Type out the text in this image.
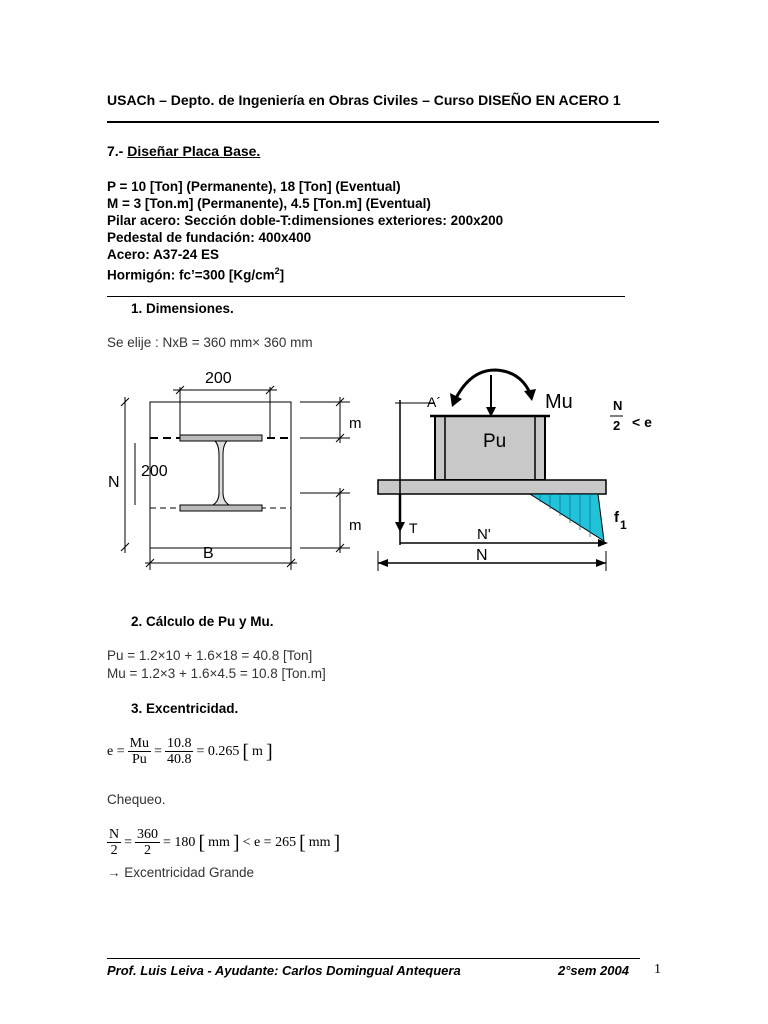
USACh – Depto. de Ingeniería en Obras Civiles – Curso DISEÑO EN ACERO 1
7.- Diseñar Placa Base.
P = 10 [Ton] (Permanente), 18 [Ton] (Eventual)
M = 3 [Ton.m] (Permanente), 4.5 [Ton.m] (Eventual)
Pilar acero: Sección doble-T:dimensiones exteriores: 200x200
Pedestal de fundación: 400x400
Acero: A37-24 ES
Hormigón: fc’=300 $[Kg/cm^2]$
1. Dimensiones.
Se elije : NxB = 360 mm× 360 mm
200
200
N
B
m
m
A´	Mu
Pu
T	N'
N
f 1
N
2 < e
2. Cálculo de Pu y Mu.
Pu = 1.2×10 + 1.6×18 = 40.8 [Ton]
Mu = 1.2×3 + 1.6×4.5 = 10.8 [Ton.m]
3. Excentricidad.
$e = \frac{Mu}{Pu} = \frac{10.8}{40.8} = 0.265$ [ m ]
Chequeo.
$\frac{N}{2} = \frac{360}{2} = 180$ [ mm ] < e = 265 [ mm ]
→ Excentricidad Grande
Prof. Luis Leiva - Ayudante: Carlos Domingual Antequera	2°sem 2004 1
